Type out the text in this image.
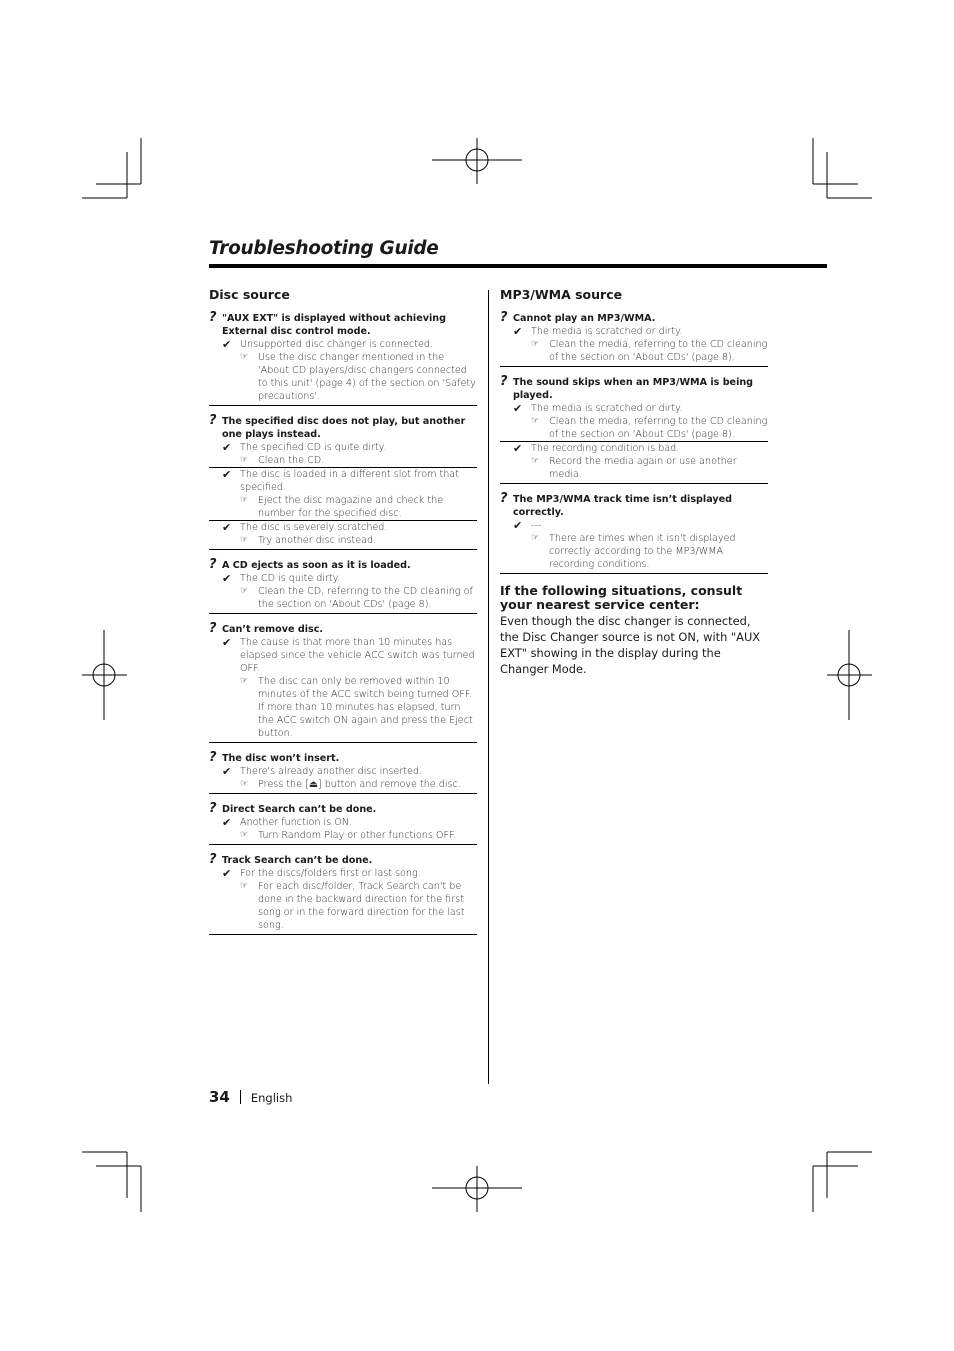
Troubleshooting Guide
Disc source
? "AUX EXT" is displayed without achieving External disc control mode.
✔ Unsupported disc changer is connected.
☞	Use the disc changer mentioned in the 'About CD players/disc changers connected to this unit' (page 4) of the section on 'Safety precautions'.
? The specified disc does not play, but another one plays instead.
✔ The specified CD is quite dirty.
☞	Clean the CD.
✔ The disc is loaded in a different slot from that specified.
☞	Eject the disc magazine and check the number for the specified disc.
✔ The disc is severely scratched.
☞	Try another disc instead.
? A CD ejects as soon as it is loaded.
✔ The CD is quite dirty.
☞	Clean the CD, referring to the CD cleaning of the section on 'About CDs' (page 8).
? Can’t remove disc.
✔ The cause is that more than 10 minutes has elapsed since the vehicle ACC switch was turned OFF.
☞	The disc can only be removed within 10 minutes of the ACC switch being turned OFF. If more than 10 minutes has elapsed, turn the ACC switch ON again and press the Eject button.
? The disc won’t insert.
✔ There's already another disc inserted.
☞	Press the [⏏] button and remove the disc.
? Direct Search can’t be done.
✔ Another function is ON.
☞	Turn Random Play or other functions OFF.
? Track Search can’t be done.
✔ For the discs/folders first or last song.
☞	For each disc/folder, Track Search can't be done in the backward direction for the first song or in the forward direction for the last song.
MP3/WMA source
? Cannot play an MP3/WMA.
✔ The media is scratched or dirty.
☞	Clean the media, referring to the CD cleaning of the section on 'About CDs' (page 8).
? The sound skips when an MP3/WMA is being played.
✔ The media is scratched or dirty.
☞	Clean the media, referring to the CD cleaning of the section on 'About CDs' (page 8).
✔ The recording condition is bad.
☞	Record the media again or use another media.
? The MP3/WMA track time isn’t displayed correctly.
✔ ---
☞	There are times when it isn't displayed correctly according to the MP3/WMA recording conditions.
If the following situations, consult your nearest service center:
Even though the disc changer is connected, the Disc Changer source is not ON, with "AUX EXT" showing in the display during the Changer Mode.
34 English
